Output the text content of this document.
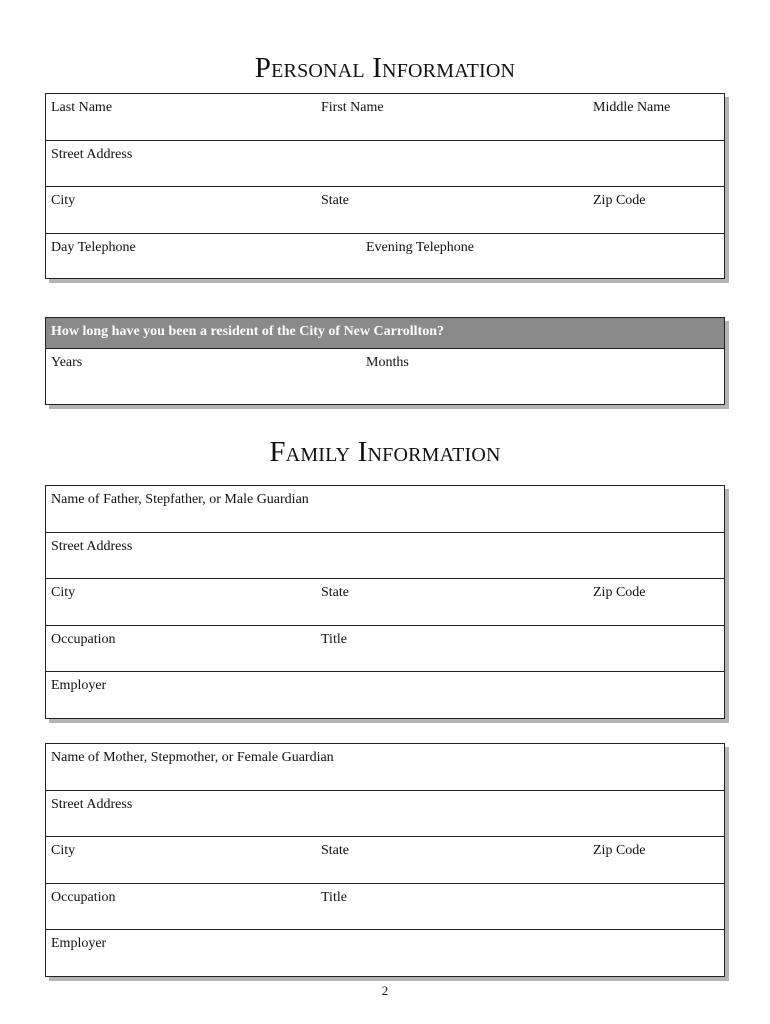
Personal Information
Last Name	First Name	Middle Name
Street Address
City	State	Zip Code
Day Telephone	Evening Telephone
How long have you been a resident of the City of New Carrollton?
Years	Months
Family Information
Name of Father, Stepfather, or Male Guardian
Street Address
City	State	Zip Code
Occupation	Title
Employer
Name of Mother, Stepmother, or Female Guardian
Street Address
City	State	Zip Code
Occupation	Title
Employer
2
